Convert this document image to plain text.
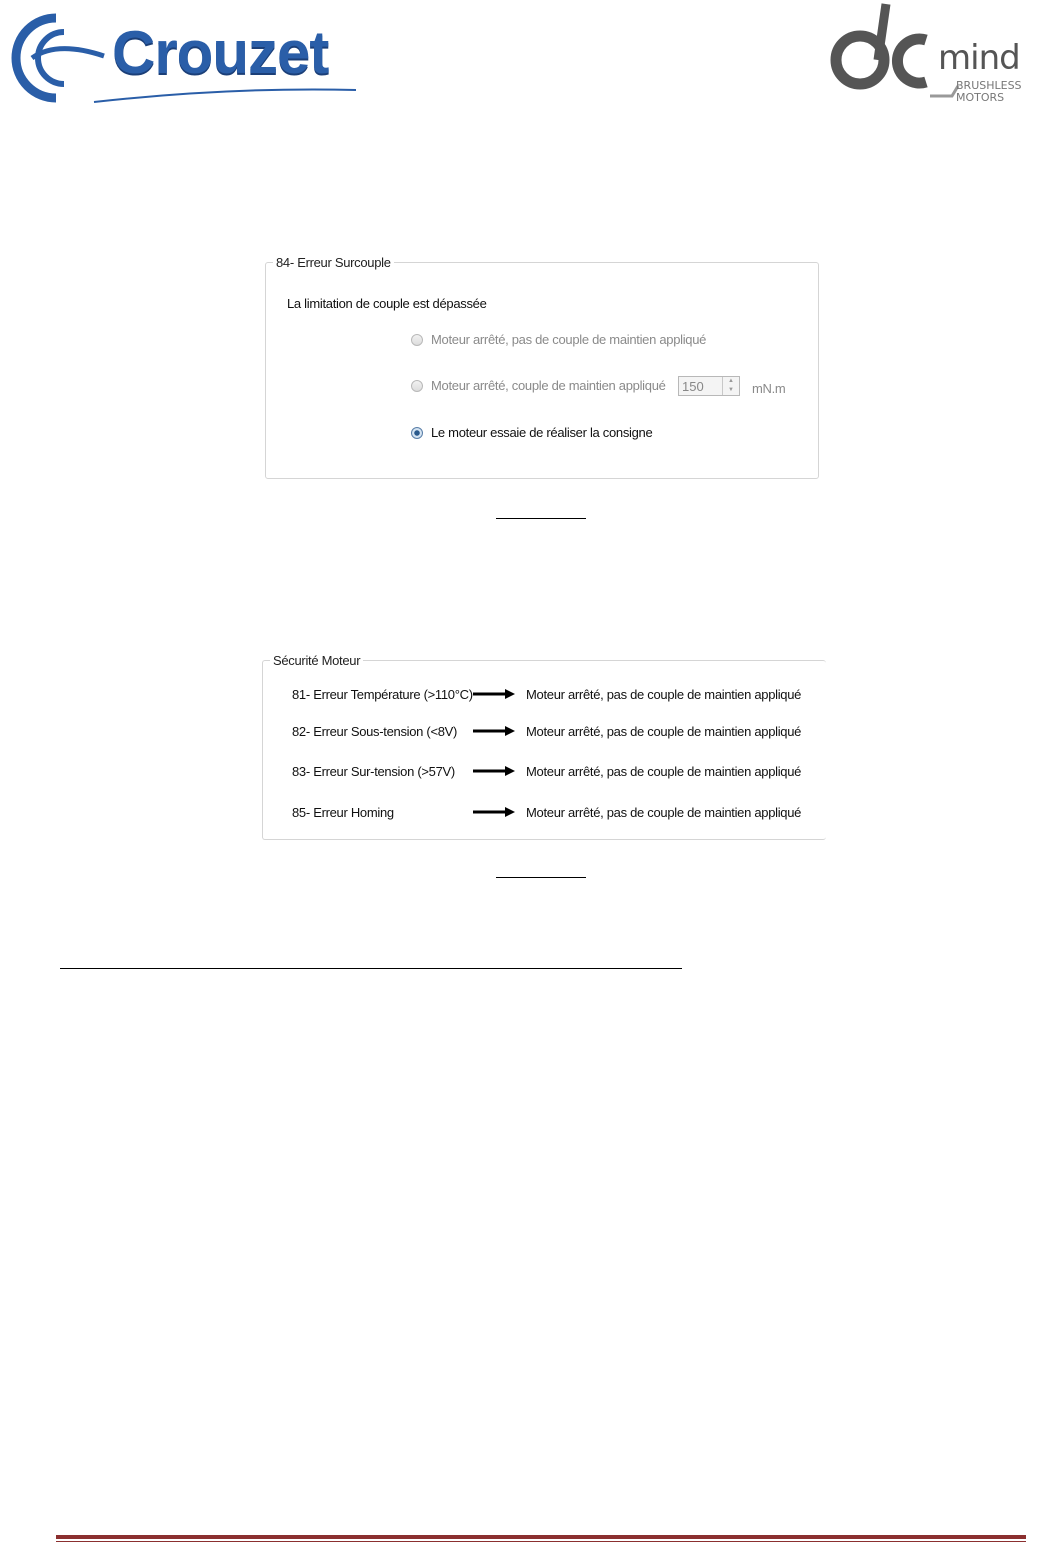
Crouzet	mind
BRUSHLESS
MOTORS
84- Erreur Surcouple
La limitation de couple est dépassée
Moteur arrêté, pas de couple de maintien appliqué
Moteur arrêté, couple de maintien appliqué 150	▲
▼	mN.m
Le moteur essaie de réaliser la consigne
Sécurité Moteur
81- Erreur Température (>110°C)	Moteur arrêté, pas de couple de maintien appliqué
82- Erreur Sous-tension (<8V)	Moteur arrêté, pas de couple de maintien appliqué
83- Erreur Sur-tension (>57V)	Moteur arrêté, pas de couple de maintien appliqué
85- Erreur Homing	Moteur arrêté, pas de couple de maintien appliqué
